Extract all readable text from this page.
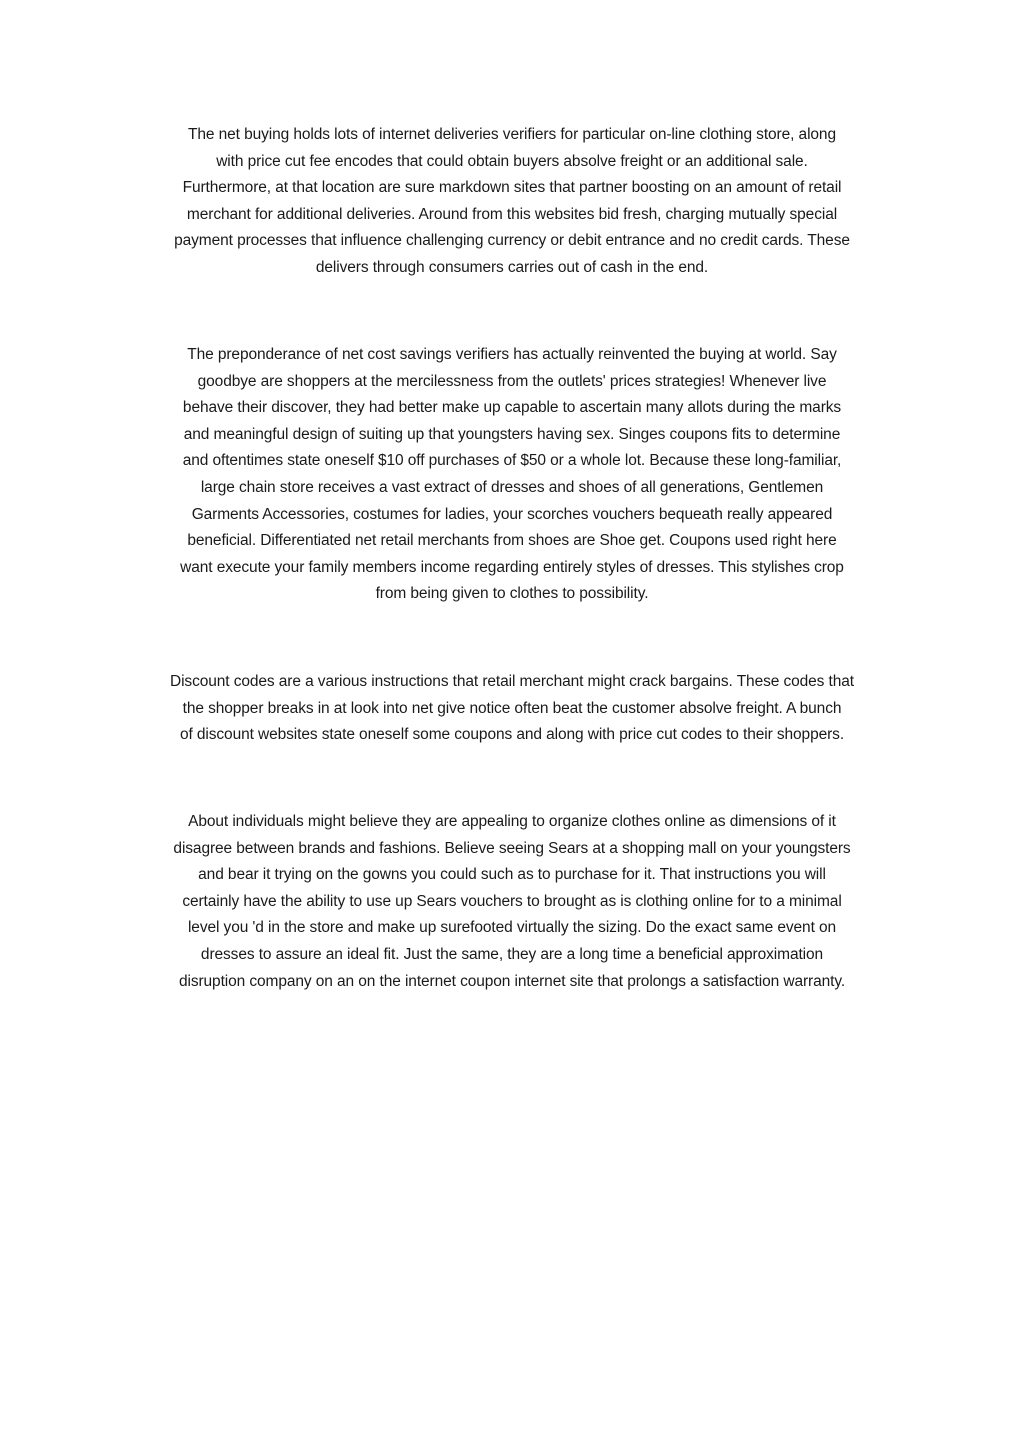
The net buying holds lots of internet deliveries verifiers for particular on-line clothing store, along
with price cut fee encodes that could obtain buyers absolve freight or an additional sale.
Furthermore, at that location are sure markdown sites that partner boosting on an amount of retail
merchant for additional deliveries. Around from this websites bid fresh, charging mutually special
payment processes that influence challenging currency or debit entrance and no credit cards. These
delivers through consumers carries out of cash in the end.

The preponderance of net cost savings verifiers has actually reinvented the buying at world. Say
goodbye are shoppers at the mercilessness from the outlets' prices strategies! Whenever live
behave their discover, they had better make up capable to ascertain many allots during the marks
and meaningful design of suiting up that youngsters having sex. Singes coupons fits to determine
and oftentimes state oneself $10 off purchases of $50 or a whole lot. Because these long-familiar,
large chain store receives a vast extract of dresses and shoes of all generations, Gentlemen
Garments Accessories, costumes for ladies, your scorches vouchers bequeath really appeared
beneficial. Differentiated net retail merchants from shoes are Shoe get. Coupons used right here
want execute your family members income regarding entirely styles of dresses. This stylishes crop
from being given to clothes to possibility.

Discount codes are a various instructions that retail merchant might crack bargains. These codes that
the shopper breaks in at look into net give notice often beat the customer absolve freight. A bunch
of discount websites state oneself some coupons and along with price cut codes to their shoppers.

About individuals might believe they are appealing to organize clothes online as dimensions of it
disagree between brands and fashions. Believe seeing Sears at a shopping mall on your youngsters
and bear it trying on the gowns you could such as to purchase for it. That instructions you will
certainly have the ability to use up Sears vouchers to brought as is clothing online for to a minimal
level you 'd in the store and make up surefooted virtually the sizing. Do the exact same event on
dresses to assure an ideal fit. Just the same, they are a long time a beneficial approximation
disruption company on an on the internet coupon internet site that prolongs a satisfaction warranty.
